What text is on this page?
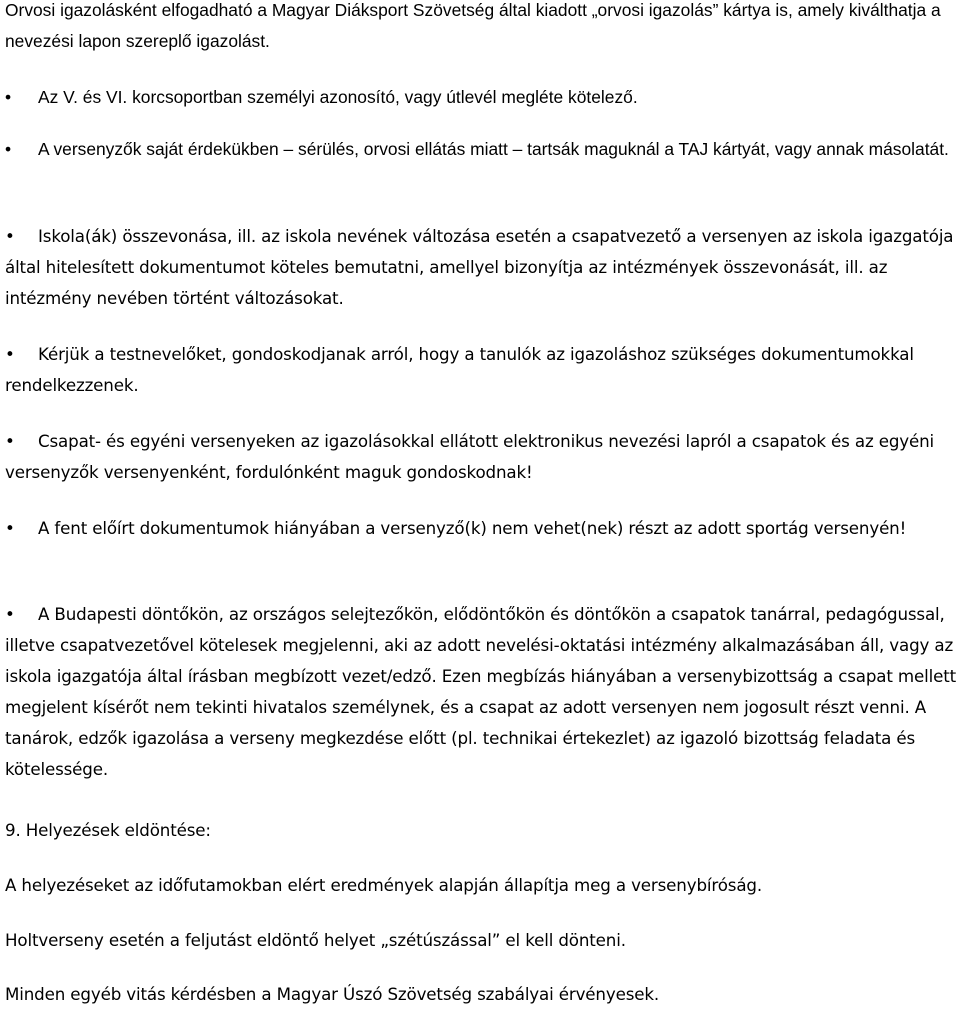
Orvosi igazolásként elfogadható a Magyar Diáksport Szövetség által kiadott „orvosi igazolás” kártya is, amely kiválthatja a nevezési lapon szereplő igazolást.

• Az V. és VI. korcsoportban személyi azonosító, vagy útlevél megléte kötelező.

• A versenyzők saját érdekükben – sérülés, orvosi ellátás miatt – tartsák maguknál a TAJ kártyát, vagy annak másolatát.

• Iskola(ák) összevonása, ill. az iskola nevének változása esetén a csapatvezető a versenyen az iskola igazgatója által hitelesített dokumentumot köteles bemutatni, amellyel bizonyítja az intézmények összevonását, ill. az intézmény nevében történt változásokat.

• Kérjük a testnevelőket, gondoskodjanak arról, hogy a tanulók az igazoláshoz szükséges dokumentumokkal rendelkezzenek.

• Csapat- és egyéni versenyeken az igazolásokkal ellátott elektronikus nevezési lapról a csapatok és az egyéni versenyzők versenyenként, fordulónként maguk gondoskodnak!

• A fent előírt dokumentumok hiányában a versenyző(k) nem vehet(nek) részt az adott sportág versenyén!

• A Budapesti döntőkön, az országos selejtezőkön, elődöntőkön és döntőkön a csapatok tanárral, pedagógussal, illetve csapatvezetővel kötelesek megjelenni, aki az adott nevelési-oktatási intézmény alkalmazásában áll, vagy az iskola igazgatója által írásban megbízott vezet/edző. Ezen megbízás hiányában a versenybizottság a csapat mellett megjelent kísérőt nem tekinti hivatalos személynek, és a csapat az adott versenyen nem jogosult részt venni. A tanárok, edzők igazolása a verseny megkezdése előtt (pl. technikai értekezlet) az igazoló bizottság feladata és kötelessége.

9. Helyezések eldöntése:

A helyezéseket az időfutamokban elért eredmények alapján állapítja meg a versenybíróság.

Holtverseny esetén a feljutást eldöntő helyet „szétúszással” el kell dönteni.

Minden egyéb vitás kérdésben a Magyar Úszó Szövetség szabályai érvényesek.
